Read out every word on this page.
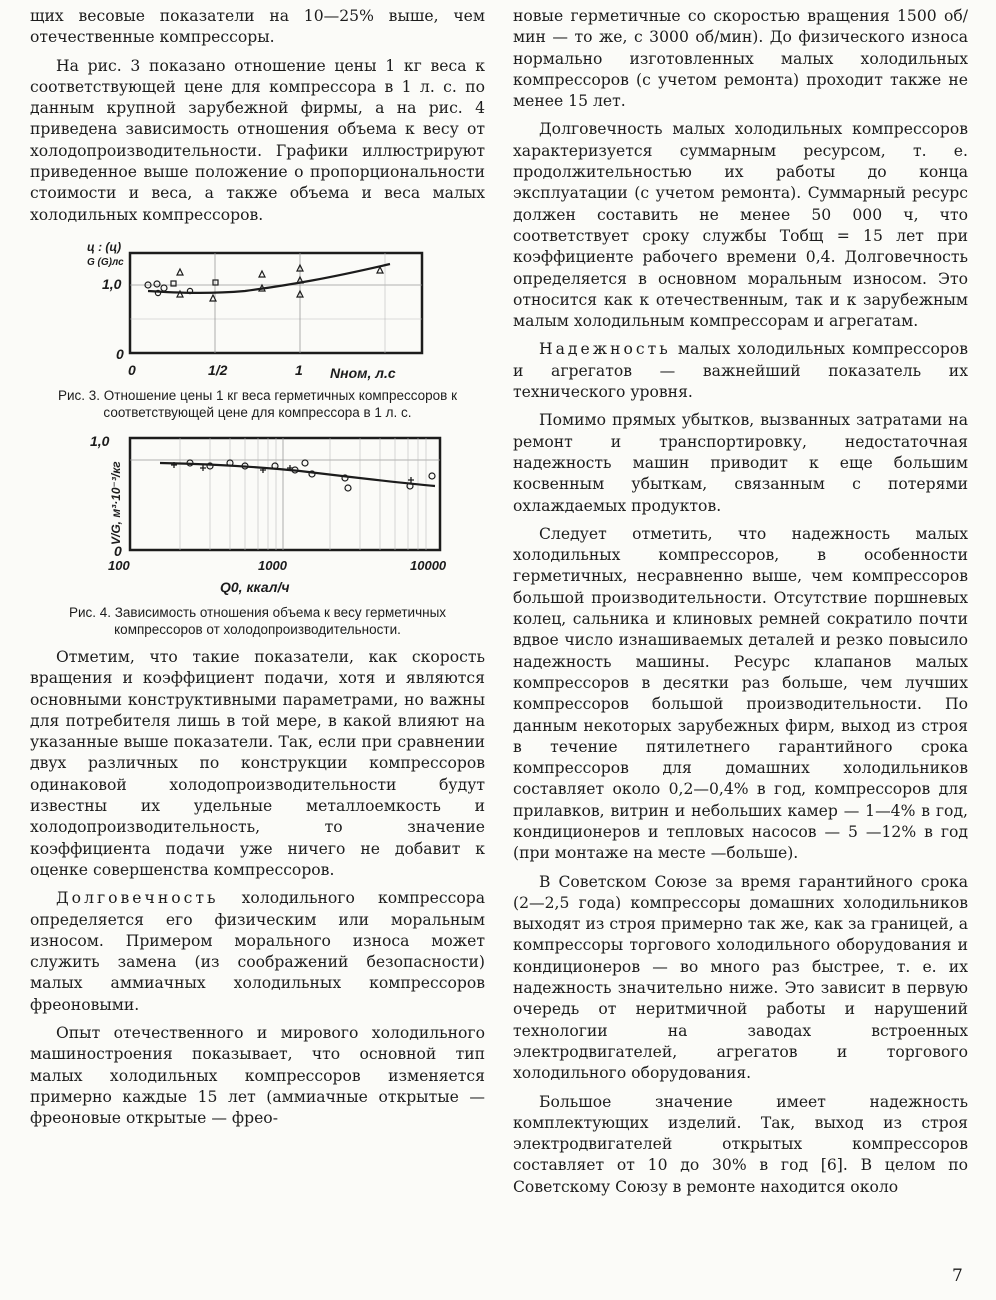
щих весовые показатели на 10—25% выше, чем отечественные компрессоры.

На рис. 3 показано отношение цены 1 кг веса к соответствующей цене для компрессора в 1 л. с. по данным крупной зарубежной фирмы, а на рис. 4 приведена зависимость отношения объема к весу от холодопроизводительности. Графики иллюстрируют приведенное выше положение о пропорциональности стоимости и веса, а также объема и веса малых холодильных компрессоров.

ц : (ц)
G (G)лс
1,0
0
0	1/2	1 Nном, л.с
Рис. 3. Отношение цены 1 кг веса герметичных компрессоров к соответствующей цене для компрессора в 1 л. с.
1,0
0
100	1000	10000
Q0, ккал/ч
V/G, м³·10⁻³/кг
Рис. 4. Зависимость отношения объема к весу герметичных компрессоров от холодопроизводительности.

Отметим, что такие показатели, как скорость вращения и коэффициент подачи, хотя и являются основными конструктивными параметрами, но важны для потребителя лишь в той мере, в какой влияют на указанные выше показатели. Так, если при сравнении двух различных по конструкции компрессоров одинаковой холодопроизводительности будут известны их удельные металлоемкость и холодопроизводительность, то значение коэффициента подачи уже ничего не добавит к оценке совершенства компрессоров.

Долговечность холодильного компрессора определяется его физическим или моральным износом. Примером морального износа может служить замена (из соображений безопасности) малых аммиачных холодильных компрессоров фреоновыми.

Опыт отечественного и мирового холодильного машиностроения показывает, что основной тип малых холодильных компрессоров изменяется примерно каждые 15 лет (аммиачные открытые — фреоновые открытые — фрео-

новые герметичные со скоростью вращения 1500 об/мин — то же, с 3000 об/мин). До физического износа нормально изготовленных малых холодильных компрессоров (с учетом ремонта) проходит также не менее 15 лет.

Долговечность малых холодильных компрессоров характеризуется суммарным ресурсом, т. е. продолжительностью их работы до конца эксплуатации (с учетом ремонта). Суммарный ресурс должен составить не менее 50 000 ч, что соответствует сроку службы Тобщ = 15 лет при коэффициенте рабочего времени 0,4. Долговечность определяется в основном моральным износом. Это относится как к отечественным, так и к зарубежным малым холодильным компрессорам и агрегатам.

Надежность малых холодильных компрессоров и агрегатов — важнейший показатель их технического уровня.

Помимо прямых убытков, вызванных затратами на ремонт и транспортировку, недостаточная надежность машин приводит к еще большим косвенным убыткам, связанным с потерями охлаждаемых продуктов.

Следует отметить, что надежность малых холодильных компрессоров, в особенности герметичных, несравненно выше, чем компрессоров большой производительности. Отсутствие поршневых колец, сальника и клиновых ремней сократило почти вдвое число изнашиваемых деталей и резко повысило надежность машины. Ресурс клапанов малых компрессоров в десятки раз больше, чем лучших компрессоров большой производительности. По данным некоторых зарубежных фирм, выход из строя в течение пятилетнего гарантийного срока компрессоров для домашних холодильников составляет около 0,2—0,4% в год, компрессоров для прилавков, витрин и небольших камер — 1—4% в год, кондиционеров и тепловых насосов — 5 —12% в год (при монтаже на месте —больше).

В Советском Союзе за время гарантийного срока (2—2,5 года) компрессоры домашних холодильников выходят из строя примерно так же, как за границей, а компрессоры торгового холодильного оборудования и кондиционеров — во много раз быстрее, т. е. их надежность значительно ниже. Это зависит в первую очередь от неритмичной работы и нарушений технологии на заводах встроенных электродвигателей, агрегатов и торгового холодильного оборудования.

Большое значение имеет надежность комплектующих изделий. Так, выход из строя электродвигателей открытых компрессоров составляет от 10 до 30% в год [6]. В целом по Советскому Союзу в ремонте находится около

7
